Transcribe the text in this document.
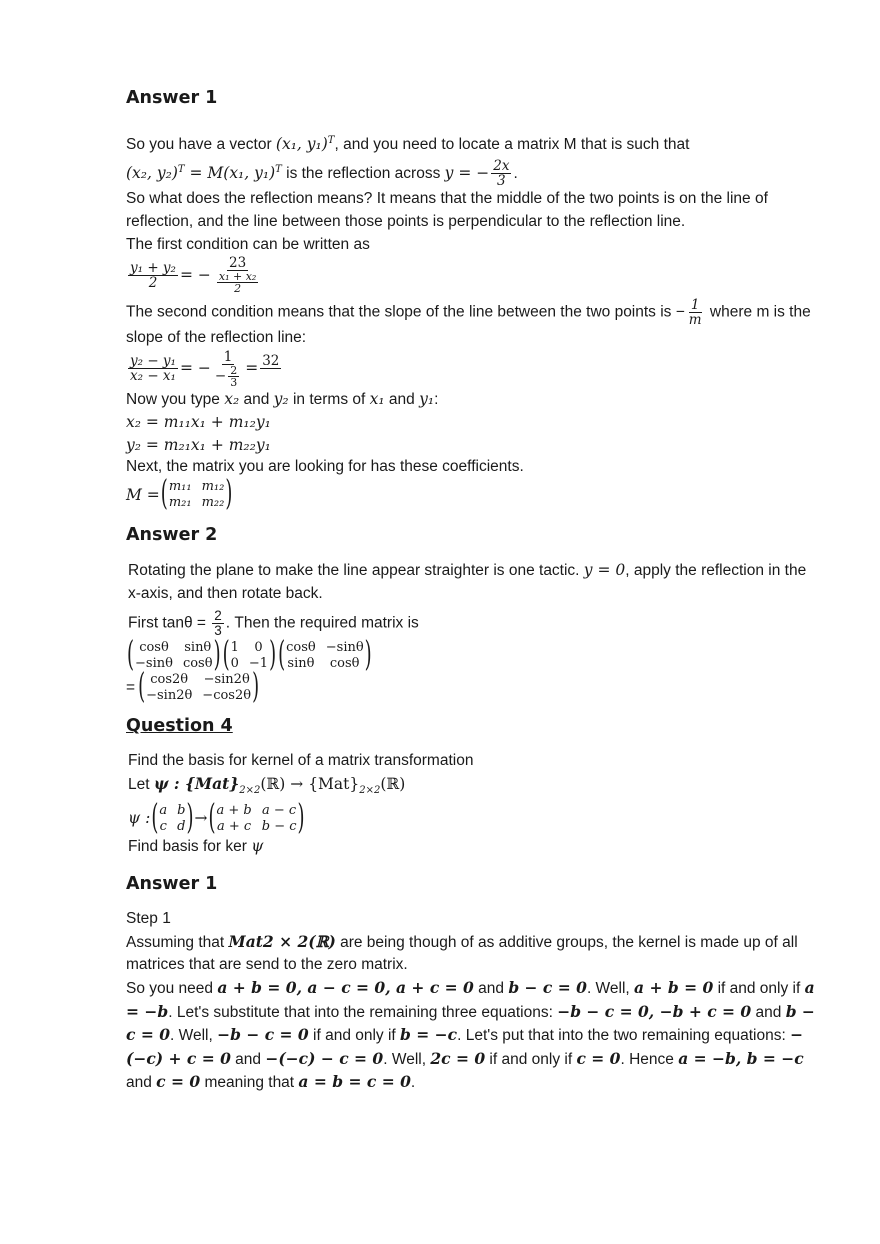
Answer 1

So you have a vector (x₁, y₁)$^T$, and you need to locate a matrix M that is such that

(x₂, y₂)$^T$ = M(x₁, y₁)$^T$ is the reflection across y = − $\frac{2x}{3}$ .

So what does the reflection means? It means that the middle of the two points is on the line of reflection, and the line between those points is perpendicular to the reflection line.

The first condition can be written as

$\frac{\text{y₁ + y₂}}{2}$ = − $\frac{23}{\frac{\text{x₁ + x₂}}{2}}$

The second condition means that the slope of the line between the two points is − $\frac{1}{m}$ where m is the slope of the reflection line:

$\frac{\text{y₂ − y₁}}{\text{x₂ − x₁}}$ = − $\frac{1}{- \frac{2}{3}} = 32$

Now you type x₂ and y₂ in terms of x₁ and y₁:

x₂ = m₁₁x₁ + m₁₂y₁

y₂ = m₂₁x₁ + m₂₂y₁

Next, the matrix you are looking for has these coefficients.

M = ( m₁₁ m₁₂
m₂₁ m₂₂ )
Answer 2

Rotating the plane to make the line appear straighter is one tactic. y = 0, apply the reflection in the x-axis, and then rotate back.

First $\tan\theta = \frac{2}{3}$ . Then the required matrix is

( cosθ	sinθ
−sinθ cosθ ) ( 1	0
0 −1 ) ( cosθ −sinθ
sinθ	cosθ )
= ( cos2θ	−sin2θ
−sin2θ −cos2θ )
Question 4

Find the basis for kernel of a matrix transformation

Let ψ : $\{Mat\}_{2\times 2}(ℝ)$ → $\{Mat\}_{2\times 2}(ℝ)$

ψ : ( a b
c d ) → ( a + b a − c
a + c b − c )

Find basis for ker ψ

Answer 1

Step 1

Assuming that Mat2 × 2(ℝ) are being though of as additive groups, the kernel is made up of all matrices that are send to the zero matrix.

So you need a + b = 0, a − c = 0, a + c = 0 and b − c = 0. Well, a + b = 0 if and only if a = −b. Let's substitute that into the remaining three equations: −b − c = 0, −b + c = 0 and b − c = 0. Well, −b − c = 0 if and only if b = −c. Let's put that into the two remaining equations: −(−c) + c = 0 and −(−c) − c = 0. Well, 2c = 0 if and only if c = 0. Hence a = −b, b = −c and c = 0 meaning that a = b = c = 0.
